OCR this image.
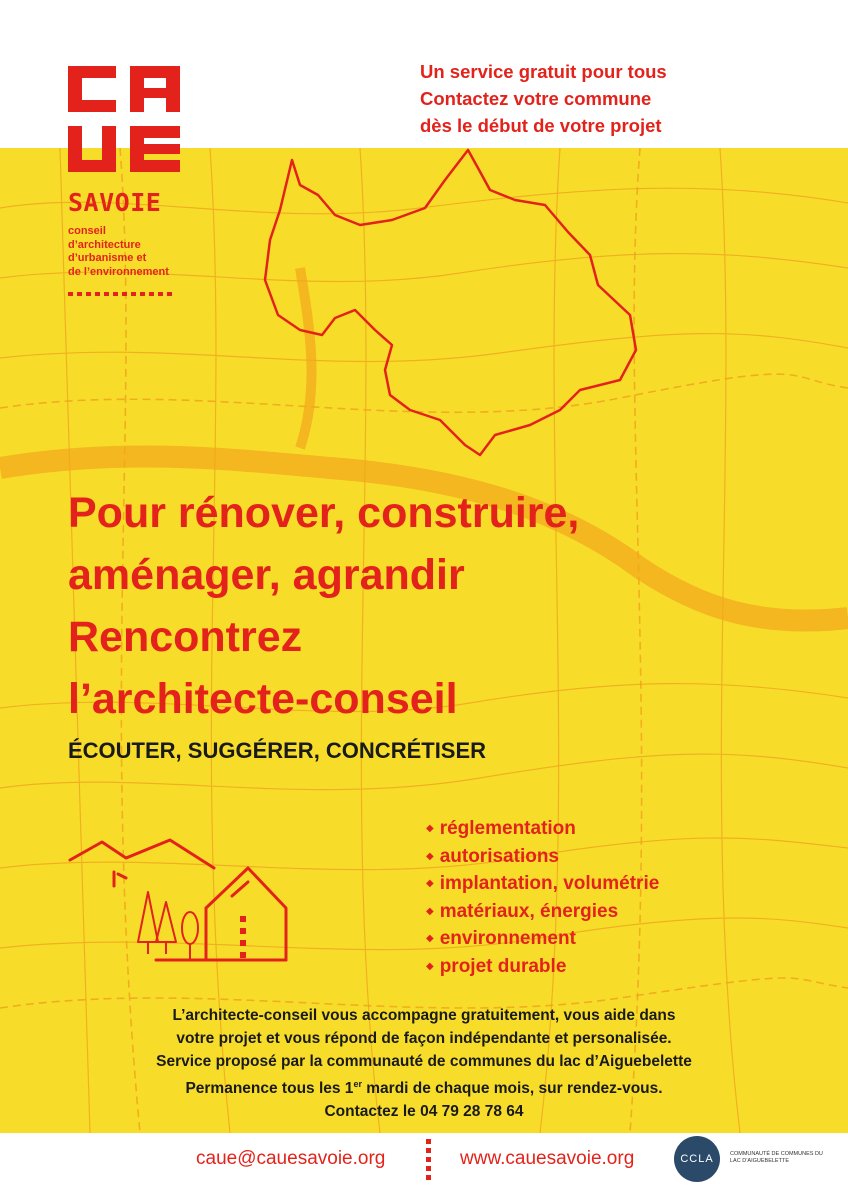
Un service gratuit pour tous
Contactez votre commune
dès le début de votre projet
SAVOIE
conseil
d’architecture
d’urbanisme et
de l’environnement
Pour rénover, construire,
aménager, agrandir
Rencontrez
l’architecte-conseil
ÉCOUTER, SUGGÉRER, CONCRÉTISER
◆ réglementation
◆ autorisations
◆ implantation, volumétrie
◆ matériaux, énergies
◆ environnement
◆ projet durable
L’architecte-conseil vous accompagne gratuitement, vous aide dans
votre projet et vous répond de façon indépendante et personalisée.
Service proposé par la communauté de communes du lac d’Aiguebelette
Permanence tous les 1er mardi de chaque mois, sur rendez-vous.
Contactez le 04 79 28 78 64
caue@cauesavoie.org	www.cauesavoie.org	CCLA	COMMUNAUTÉ DE COMMUNES DU
LAC D’AIGUEBELETTE
